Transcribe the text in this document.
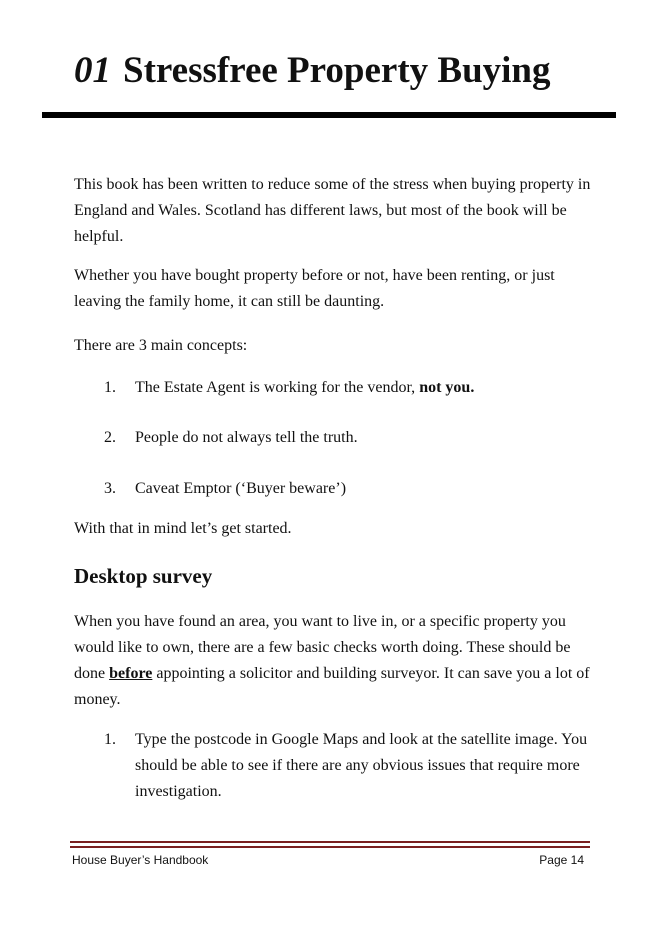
01 Stressfree Property Buying

This book has been written to reduce some of the stress when buying property in England and Wales. Scotland has different laws, but most of the book will be helpful.

Whether you have bought property before or not, have been renting, or just leaving the family home, it can still be daunting.

There are 3 main concepts:

1.	The Estate Agent is working for the vendor, not you.
2.	People do not always tell the truth.
3.	Caveat Emptor (‘Buyer beware’)

With that in mind let’s get started.

Desktop survey

When you have found an area, you want to live in, or a specific property you would like to own, there are a few basic checks worth doing. These should be done before appointing a solicitor and building surveyor. It can save you a lot of money.

1.	Type the postcode in Google Maps and look at the satellite image. You should be able to see if there are any obvious issues that require more investigation.

House Buyer’s Handbook	Page 14
